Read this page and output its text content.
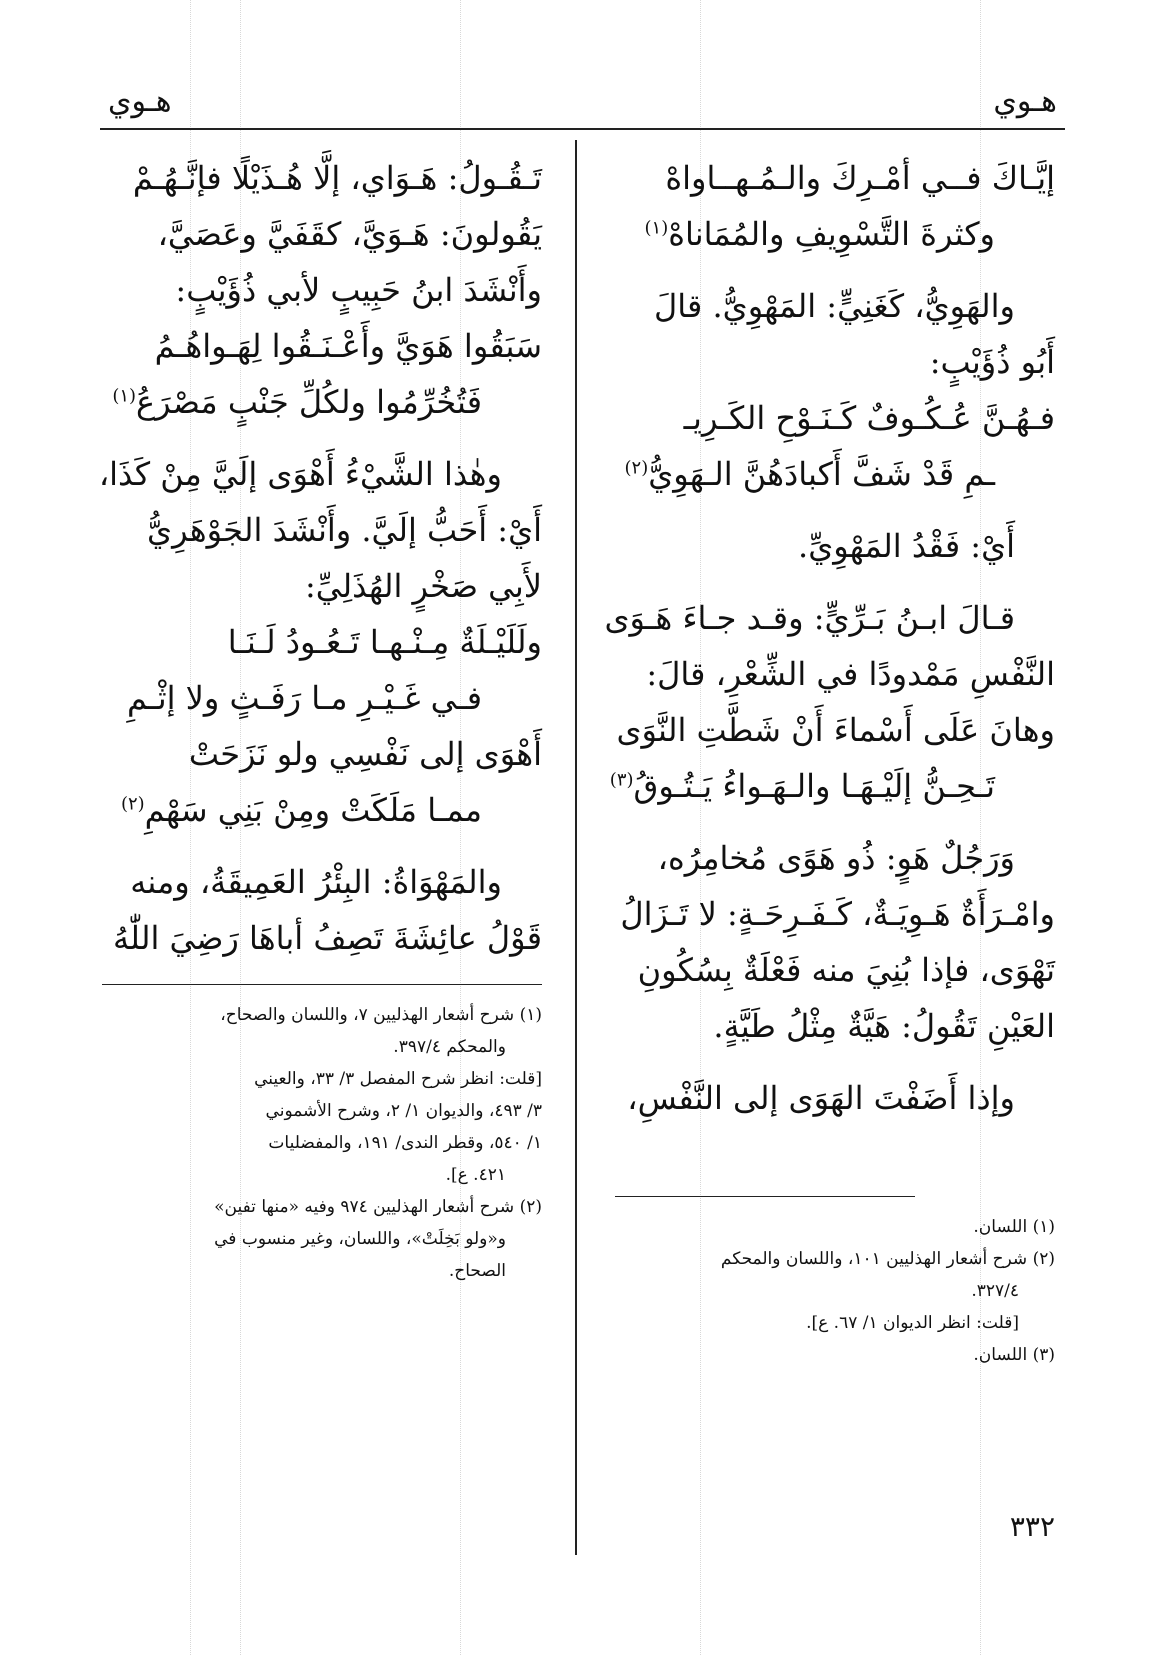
هـوي
هـوي
إيَّـاكَ فــي أمْـرِكَ والـمُـهــاواهْ
وكثرةَ التَّسْوِيفِ والمُمَاناهْ$^{(١)}$
والهَوِيُّ، كَغَنِيٍّ: المَهْوِيُّ. قالَ
أَبُو ذُؤَيْبٍ:
فـهُـنَّ عُـكُـوفٌ كَـنَـوْحِ الكَـرِيـ
ـمِ قَدْ شَفَّ أَكبادَهُنَّ الـهَوِيُّ$^{(٢)}$
أَيْ: فَقْدُ المَهْوِيِّ.
قـالَ ابـنُ بَـرِّيٍّ: وقـد جـاءَ هَـوَى
النَّفْسِ مَمْدودًا في الشِّعْرِ، قالَ:
وهانَ عَلَى أَسْماءَ أَنْ شَطَّتِ النَّوَى
تَـحِـنُّ إلَيْـهَـا والـهَـواءُ يَـتُـوقُ$^{(٣)}$
وَرَجُلٌ هَوٍ: ذُو هَوًى مُخامِرُه،
وامْـرَأَةٌ هَـوِيَـةٌ، كَـفَـرِحَـةٍ: لا تَـزَالُ
تَهْوَى، فإذا بُنِيَ منه فَعْلَةٌ بِسُكُونِ
العَيْنِ تَقُولُ: هَيَّةٌ مِثْلُ طَيَّةٍ.
وإذا أَضَفْتَ الهَوَى إلى النَّفْسِ،
(١) اللسان.
(٢) شرح أشعار الهذليين ١٠١، واللسان والمحكم
٣٢٧/٤.
[قلت: انظر الديوان ١/ ٦٧. ع].
(٣) اللسان.
تَـقُـولُ: هَـوَاي، إلَّا هُـذَيْلًا فإنَّـهُـمْ
يَقُولونَ: هَـوَيَّ، كقَفَيَّ وعَصَيَّ،
وأَنْشَدَ ابنُ حَبِيبٍ لأبي ذُؤَيْبٍ:
سَبَقُوا هَوَيَّ وأَعْـنَـقُوا لِهَـواهُـمُ
فَتُخُرِّمُوا ولكُلِّ جَنْبٍ مَصْرَعُ$^{(١)}$
وهٰذا الشَّيْءُ أَهْوَى إلَيَّ مِنْ كَذَا،
أَيْ: أَحَبُّ إلَيَّ. وأَنْشَدَ الجَوْهَرِيُّ
لأَبِي صَخْرٍ الهُذَلِيِّ:
ولَلَيْـلَةٌ مِـنْـهـا تَـعُـودُ لَـنَـا
فـي غَـيْـرِ مـا رَفَـثٍ ولا إثْـمِ
أَهْوَى إلى نَفْسِي ولو نَزَحَتْ
ممـا مَلَكَتْ ومِنْ بَنِي سَهْمِ$^{(٢)}$
والمَهْوَاةُ: البِئْرُ العَمِيقَةُ، ومنه
قَوْلُ عائِشَةَ تَصِفُ أباهَا رَضِيَ اللّٰهُ
(١) شرح أشعار الهذليين ٧، واللسان والصحاح،
والمحكم ٣٩٧/٤.
[قلت: انظر شرح المفصل ٣/ ٣٣، والعيني
٣/ ٤٩٣، والديوان ١/ ٢، وشرح الأشموني
١/ ٥٤٠، وقطر الندى/ ١٩١، والمفضليات
٤٢١. ع].
(٢) شرح أشعار الهذليين ٩٧٤ وفيه «منها تفين»
و«ولو بَخِلَتْ»، واللسان، وغير منسوب في
الصحاح.
٣٣٢
